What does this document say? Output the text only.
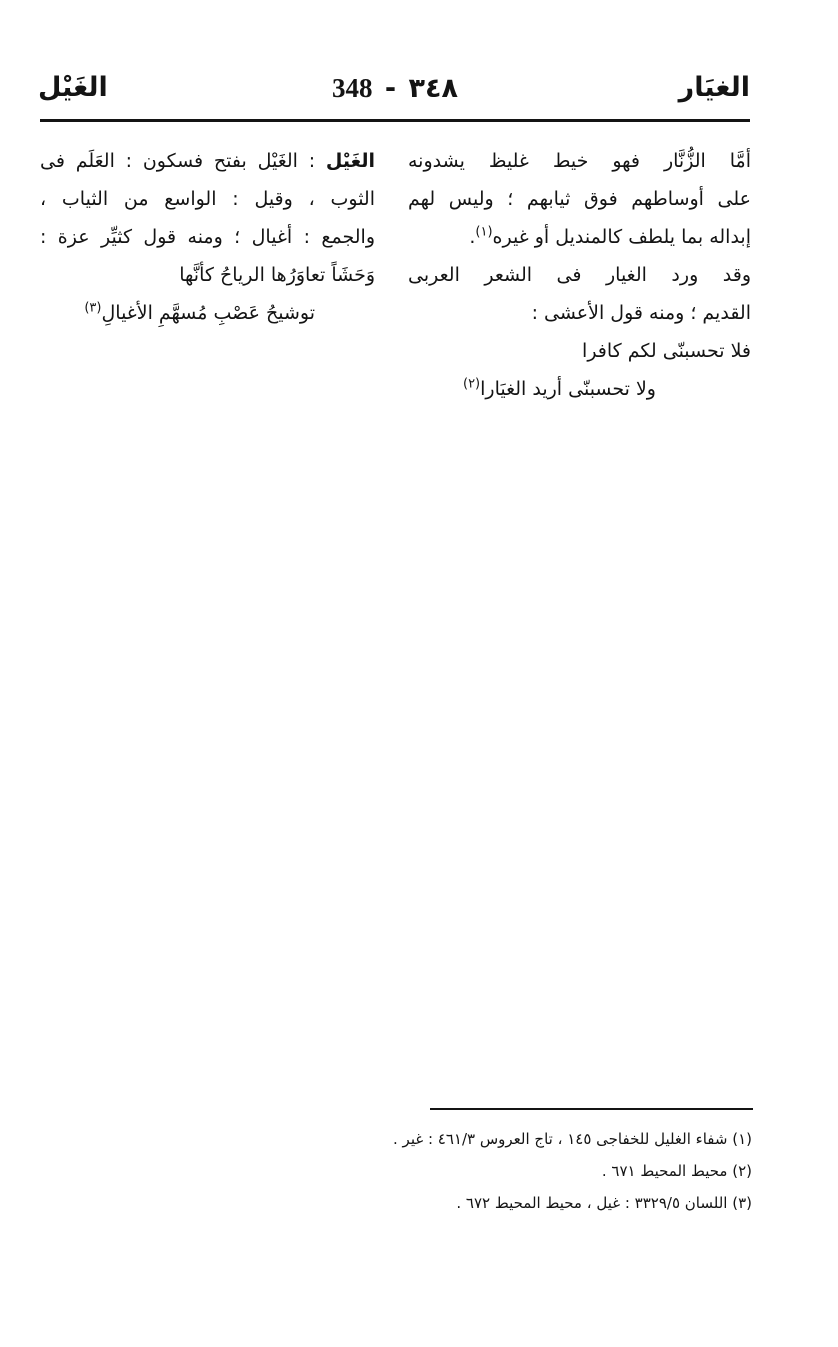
الغيَار
348 - ٣٤٨
الغَيْل
أمَّا الزُّنَّار فهو خيط غليظ يشدونه
على أوساطهم فوق ثيابهم ؛ وليس لهم
إبداله بما يلطف كالمنديل أو غيره$^{(١)}$.
وقد ورد الغيار فى الشعر العربى
القديم ؛ ومنه قول الأعشى :
فلا تحسبنّى لكم كافرا
ولا تحسبنّى أريد الغيَارا$^{(٢)}$
الغَيْل : الغَيْل بفتح فسكون : العَلَم فى
الثوب ، وقيل : الواسع من الثياب ،
والجمع : أغيال ؛ ومنه قول كثيِّر عزة :
وَحَشَاً تعاوَرُها الرياحُ كأنَّها
توشيحُ عَصْبِ مُسهَّمِ الأغيالِ$^{(٣)}$
(١) شفاء الغليل للخفاجى ١٤٥ ، تاج العروس ٤٦١/٣ : غير .
(٢) محيط المحيط ٦٧١ .
(٣) اللسان ٣٣٢٩/٥ : غيل ، محيط المحيط ٦٧٢ .
